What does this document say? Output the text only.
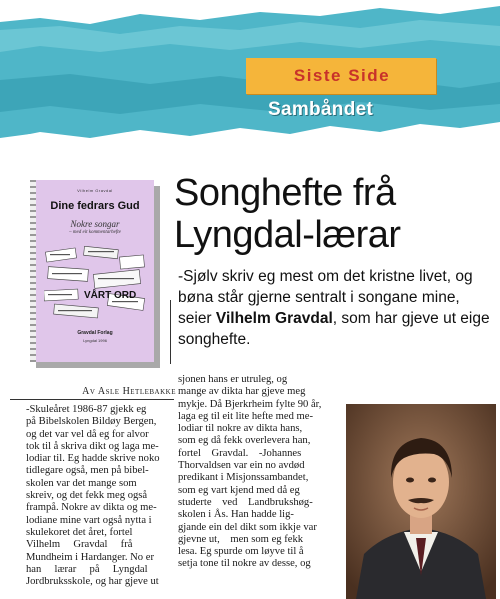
Siste Side
Sambåndet
Vilhelm Gravdal
Dine fedrars Gud
Nokre songar
– med eit kommentarhefte
VÅRT ORD
Gravdal Forlag
Lyngdal 1996
Songhefte frå
Lyngdal-lærar
-Sjølv skriv eg mest om det kristne livet, og bøna står gjerne sentralt i songane mine, seier Vilhelm Gravdal, som har gjeve ut eige songhefte.
Av Asle Hetlebakke
-Skuleåret 1986-87 gjekk eg
på Bibelskolen Bildøy Bergen,
og det var vel då eg for alvor
tok til å skriva dikt og laga me-
lodiar til. Eg hadde skrive noko
tidlegare også, men på bibel-
skolen var det mange som
skreiv, og det fekk meg også
frampå. Nokre av dikta og me-
lodiane mine vart også nytta i
skulekoret det året, fortel
Vilhelm     Gravdal     frå
Mundheim i Hardanger. No er
han     lærar     på     Lyngdal
Jordbruksskole, og har gjeve ut
sjonen hans er utruleg, og
mange av dikta har gjeve meg
mykje. Då Bjerkrheim fylte 90 år,
laga eg til eit lite hefte med me-
lodiar til nokre av dikta hans,
som eg då fekk overlevera han,
fortel    Gravdal.    -Johannes
Thorvaldsen var ein no avdød
predikant i Misjonssambandet,
som eg vart kjend med då eg
studerte    ved    Landbrukshøg-
skolen i Ås. Han hadde lig-
gjande ein del dikt som ikkje var
gjevne ut,    men som eg fekk
lesa. Eg spurde om løyve til å
setja tone til nokre av desse, og
